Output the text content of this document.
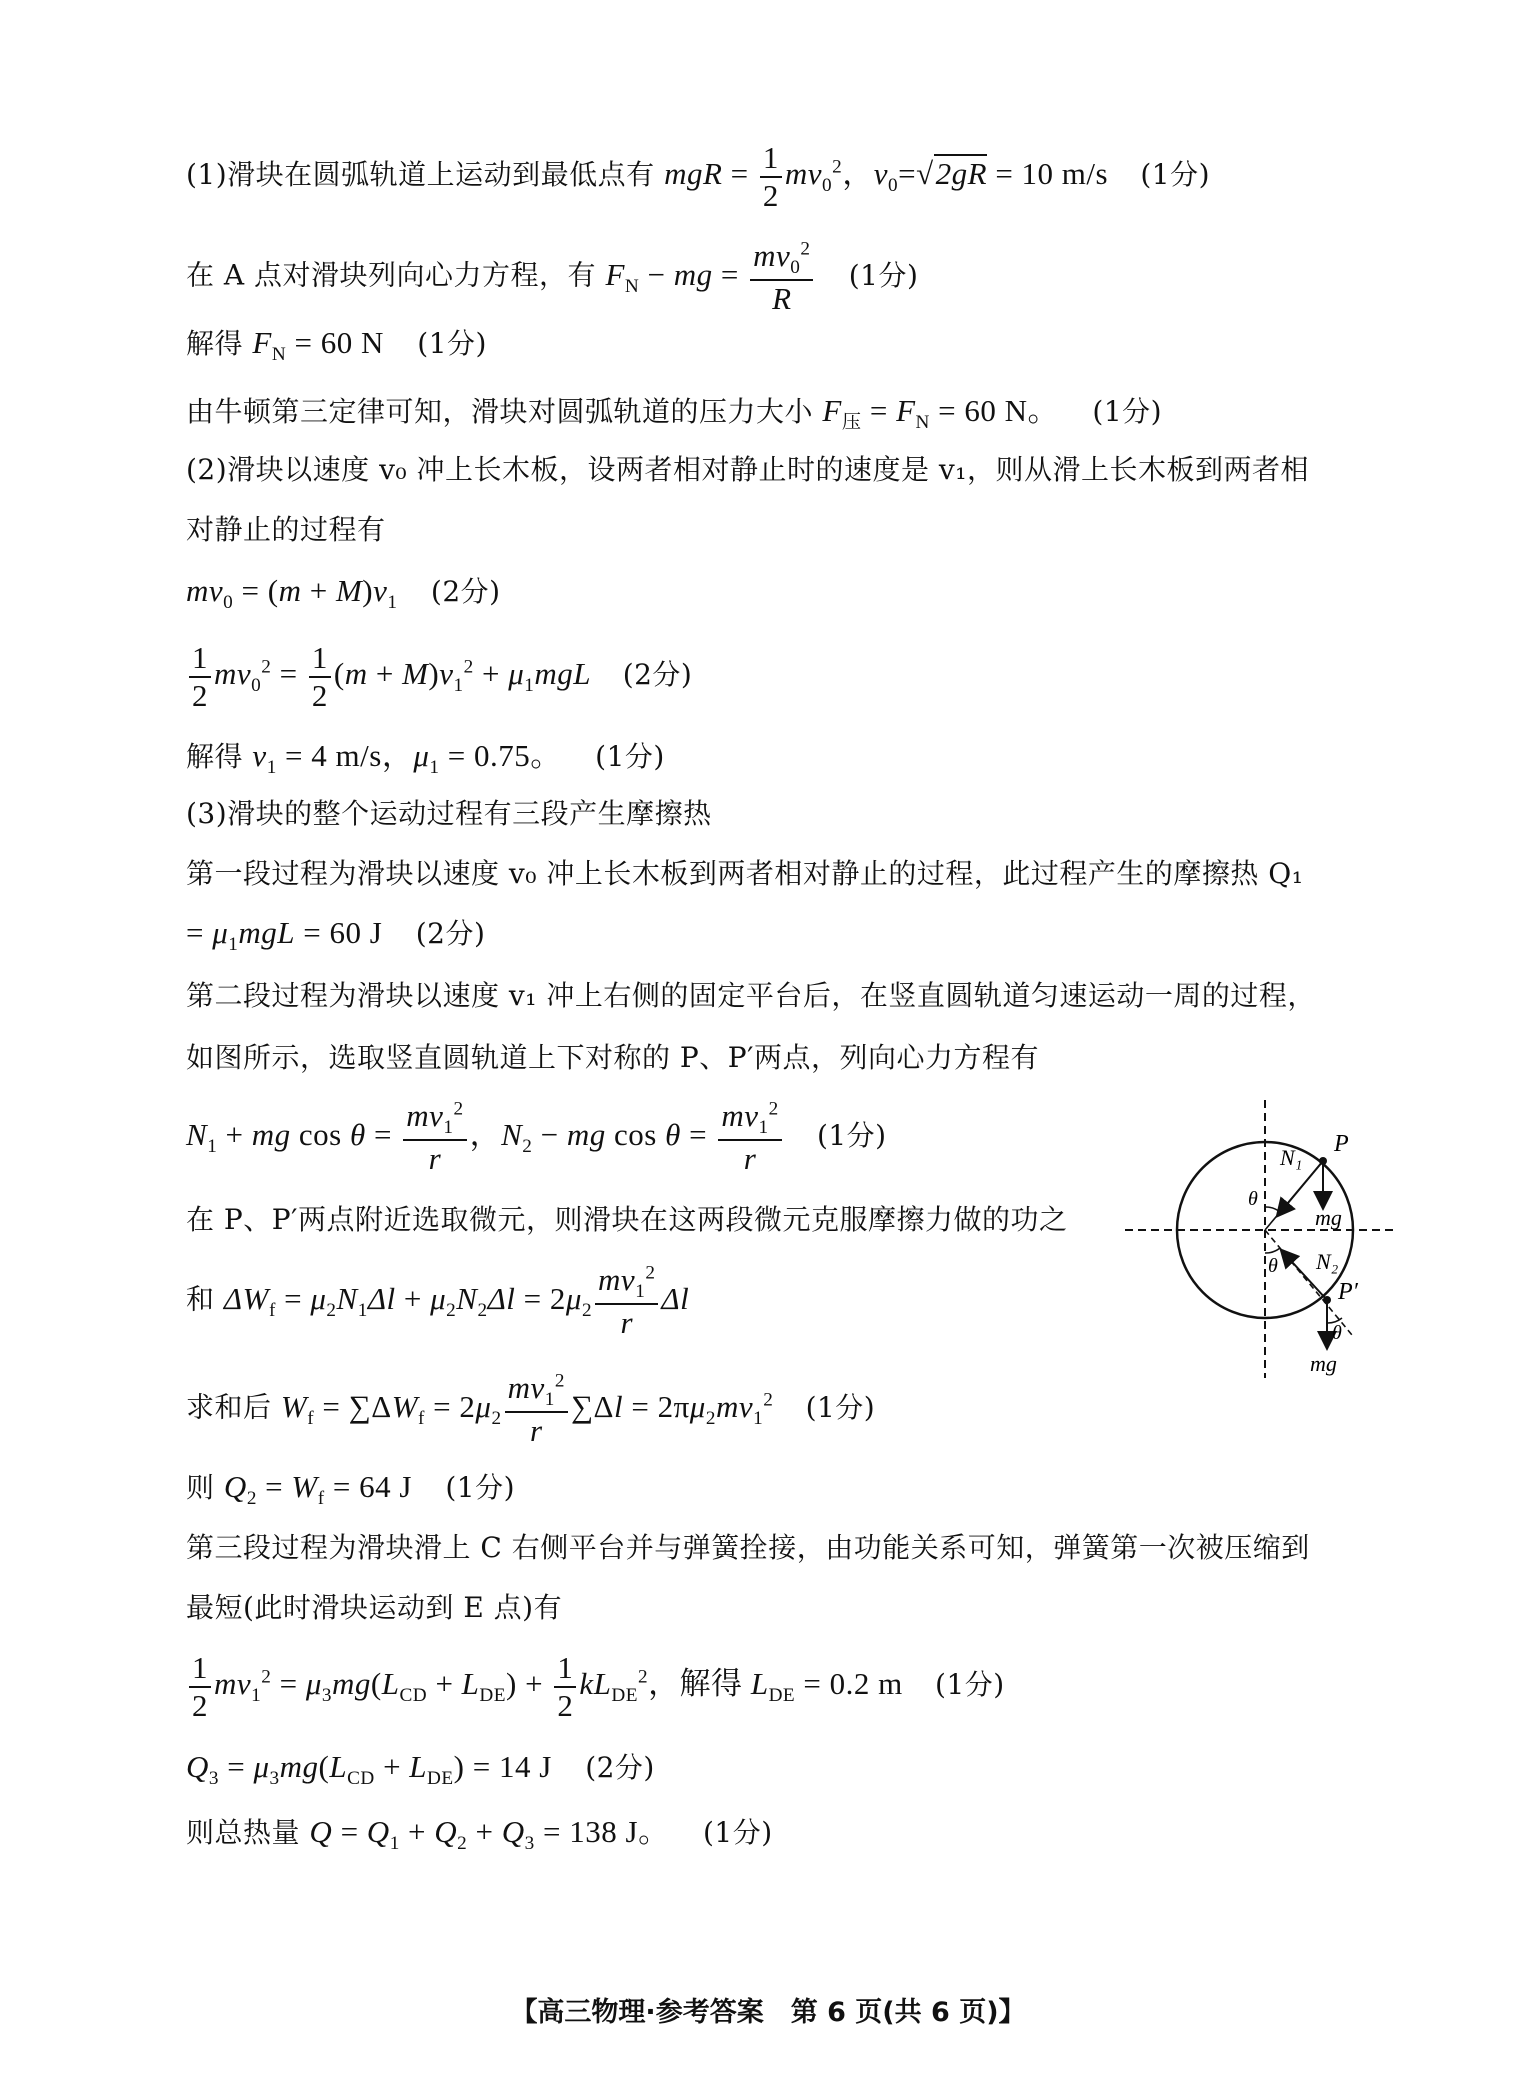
(1)滑块在圆弧轨道上运动到最低点有 mgR = $\frac{1}{2} mv_0^2$，$v_0=√2gR = 10$ m/s (1分)
在 A 点对滑块列向心力方程，有 $F_N$ − mg = $\frac{mv_0^2}{R} (1$分)
解得 $F_N = 60$ N (1分)
由牛顿第三定律可知，滑块对圆弧轨道的压力大小 $F_压 = F_N = 60$ N。 (1分)
(2)滑块以速度 v₀ 冲上长木板，设两者相对静止时的速度是 v₁，则从滑上长木板到两者相
对静止的过程有
$mv_0 = (m + M)v_1$ (2分)
$\frac{1}{2} mv_0^2 = \frac{1}{2} (m + M)v_1^2 + \mu_1mgL$ (2分)
解得 $v_1 = 4$ m/s，$\mu_1 = 0.75$。 (1分)
(3)滑块的整个运动过程有三段产生摩擦热
第一段过程为滑块以速度 v₀ 冲上长木板到两者相对静止的过程，此过程产生的摩擦热 Q₁
= $\mu_1mgL = 60$ J (2分)
第二段过程为滑块以速度 v₁ 冲上右侧的固定平台后，在竖直圆轨道匀速运动一周的过程，
如图所示，选取竖直圆轨道上下对称的 P、P′两点，列向心力方程有
$N_1$ + mg $\cos \theta = \frac{mv_1^2}{r}$ ，$N_2$ − mg $\cos \theta = \frac{mv_1^2}{r} (1$分)
在 P、P′两点附近选取微元，则滑块在这两段微元克服摩擦力做的功之
和 $\Delta W_f = \mu_2N_1\Delta l + \mu_2N_2\Delta l = 2\mu_2 \frac{mv_1^2}{r}$ Δl
求和后 $W_f = \sum\Delta W_f = 2\mu_2 \frac{mv_1^2}{r} \sum\Delta l = 2\pi\mu_2mv_1^2$ (1分)
则 $Q_2 = W_f = 64$ J (1分)
第三段过程为滑块滑上 C 右侧平台并与弹簧拴接，由功能关系可知，弹簧第一次被压缩到
最短(此时滑块运动到 E 点)有
$\frac{1}{2} mv_1^2 = \mu_3mg(L_{CD} + L_{DE}) + \frac{1}{2} kL_{DE}^2$，解得 $L_{DE} = 0.2$ m (1分)
$Q_3 = \mu_3mg(L_{CD} + L_{DE}) = 14$ J (2分)
则总热量 $Q = Q_1 + Q_2 + Q_3 = 138$ J。 (1分)
P
N₁
θ
mg
θ N₂
P′
θ
mg
【高三物理·参考答案　第 6 页(共 6 页)】
